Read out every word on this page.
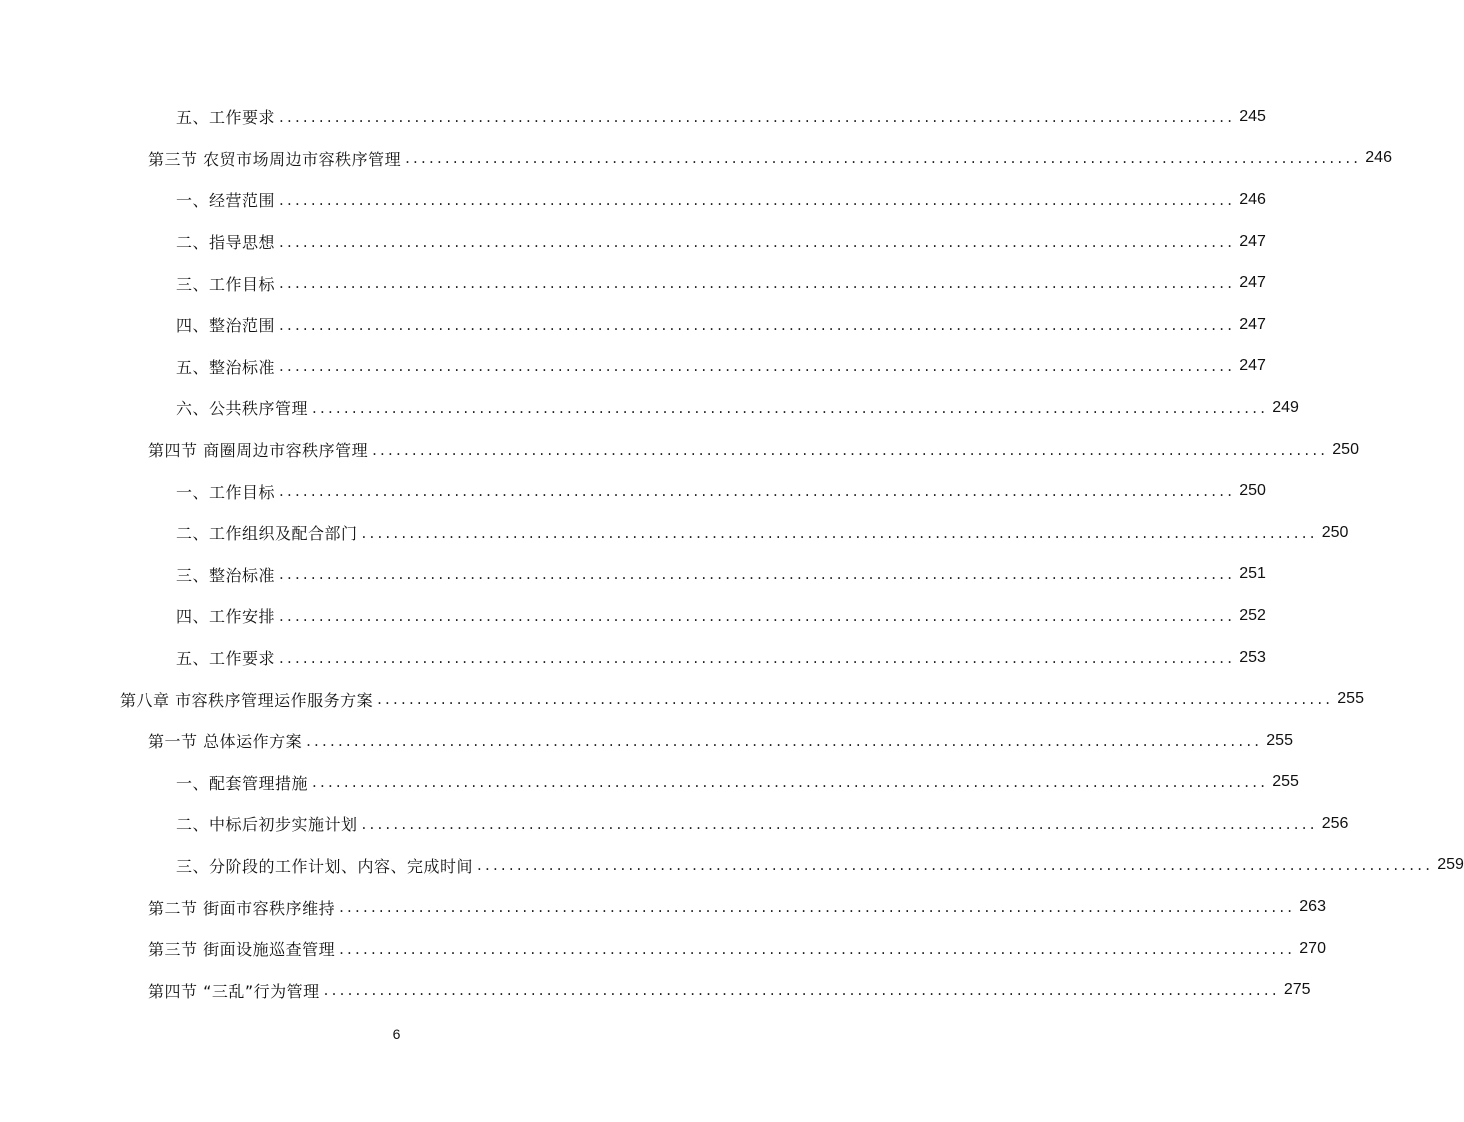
五、工作要求 ........................................................................................................................ 245
第三节 农贸市场周边市容秩序管理 ........................................................................................................................ 246
一、经营范围 ........................................................................................................................ 246
二、指导思想 ........................................................................................................................ 247
三、工作目标 ........................................................................................................................ 247
四、整治范围 ........................................................................................................................ 247
五、整治标准 ........................................................................................................................ 247
六、公共秩序管理 ........................................................................................................................ 249
第四节 商圈周边市容秩序管理 ........................................................................................................................ 250
一、工作目标 ........................................................................................................................ 250
二、工作组织及配合部门 ........................................................................................................................ 250
三、整治标准 ........................................................................................................................ 251
四、工作安排 ........................................................................................................................ 252
五、工作要求 ........................................................................................................................ 253
第八章 市容秩序管理运作服务方案 ........................................................................................................................ 255
第一节 总体运作方案 ........................................................................................................................ 255
一、配套管理措施 ........................................................................................................................ 255
二、中标后初步实施计划 ........................................................................................................................ 256
三、分阶段的工作计划、内容、完成时间 ........................................................................................................................ 259
第二节 街面市容秩序维持 ........................................................................................................................ 263
第三节 街面设施巡查管理 ........................................................................................................................ 270
第四节 “三乱”行为管理 ........................................................................................................................ 275
6
